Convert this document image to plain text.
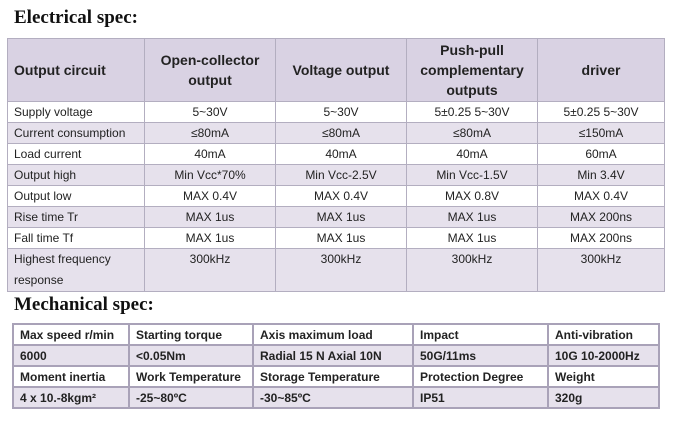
Electrical spec:
Output circuit	Open-collector output	Voltage output	Push-pull complementary outputs	driver
Supply voltage	5~30V	5~30V	5±0.25 5~30V	5±0.25 5~30V
Current consumption	≤80mA	≤80mA	≤80mA	≤150mA
Load current	40mA	40mA	40mA	60mA
Output high	Min Vcc*70%	Min Vcc-2.5V	Min Vcc-1.5V	Min 3.4V
Output low	MAX 0.4V	MAX 0.4V	MAX 0.8V	MAX 0.4V
Rise time Tr	MAX 1us	MAX 1us	MAX 1us	MAX 200ns
Fall time Tf	MAX 1us	MAX 1us	MAX 1us	MAX 200ns
Highest frequency response	300kHz	300kHz	300kHz	300kHz
Mechanical spec:
Max speed r/min	Starting torque	Axis maximum load	Impact	Anti-vibration
6000	<0.05Nm	Radial 15 N Axial 10N	50G/11ms	10G 10-2000Hz
Moment inertia	Work Temperature	Storage Temperature	Protection Degree	Weight
4 x 10.-8kgm²	-25~80ºC	-30~85ºC	IP51	320g
